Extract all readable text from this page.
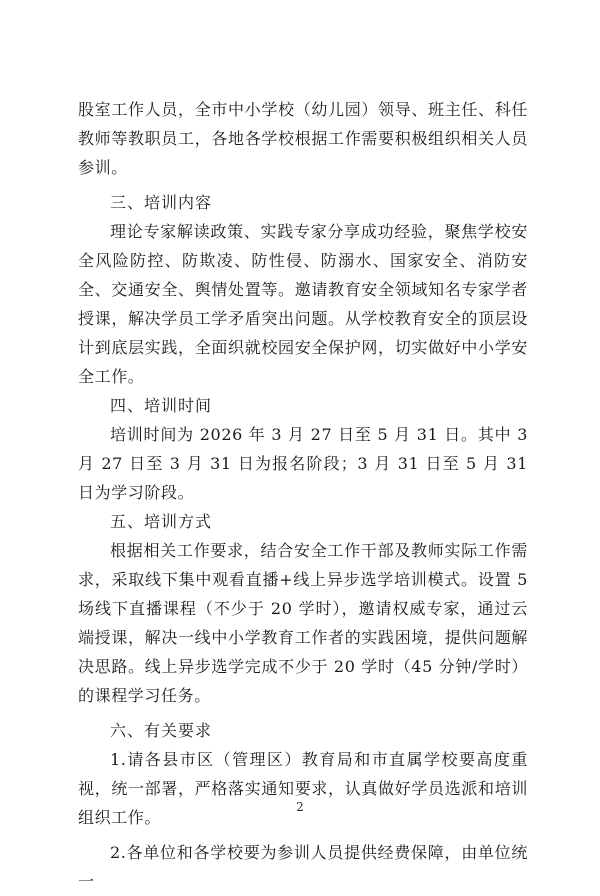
股室工作人员，全市中小学校（幼儿园）领导、班主任、科任教师等教职员工，各地各学校根据工作需要积极组织相关人员参训。

三、培训内容

理论专家解读政策、实践专家分享成功经验，聚焦学校安全风险防控、防欺凌、防性侵、防溺水、国家安全、消防安全、交通安全、舆情处置等。邀请教育安全领域知名专家学者授课，解决学员工学矛盾突出问题。从学校教育安全的顶层设计到底层实践，全面织就校园安全保护网，切实做好中小学安全工作。

四、培训时间

培训时间为 2026 年 3 月 27 日至 5 月 31 日。其中 3 月 27 日至 3 月 31 日为报名阶段；3 月 31 日至 5 月 31 日为学习阶段。

五、培训方式

根据相关工作要求，结合安全工作干部及教师实际工作需求，采取线下集中观看直播+线上异步选学培训模式。设置 5 场线下直播课程（不少于 20 学时），邀请权威专家，通过云端授课，解决一线中小学教育工作者的实践困境，提供问题解决思路。线上异步选学完成不少于 20 学时（45 分钟/学时）的课程学习任务。

六、有关要求

1.请各县市区（管理区）教育局和市直属学校要高度重视，统一部署，严格落实通知要求，认真做好学员选派和培训组织工作。

2.各单位和各学校要为参训人员提供经费保障，由单位统一

2
